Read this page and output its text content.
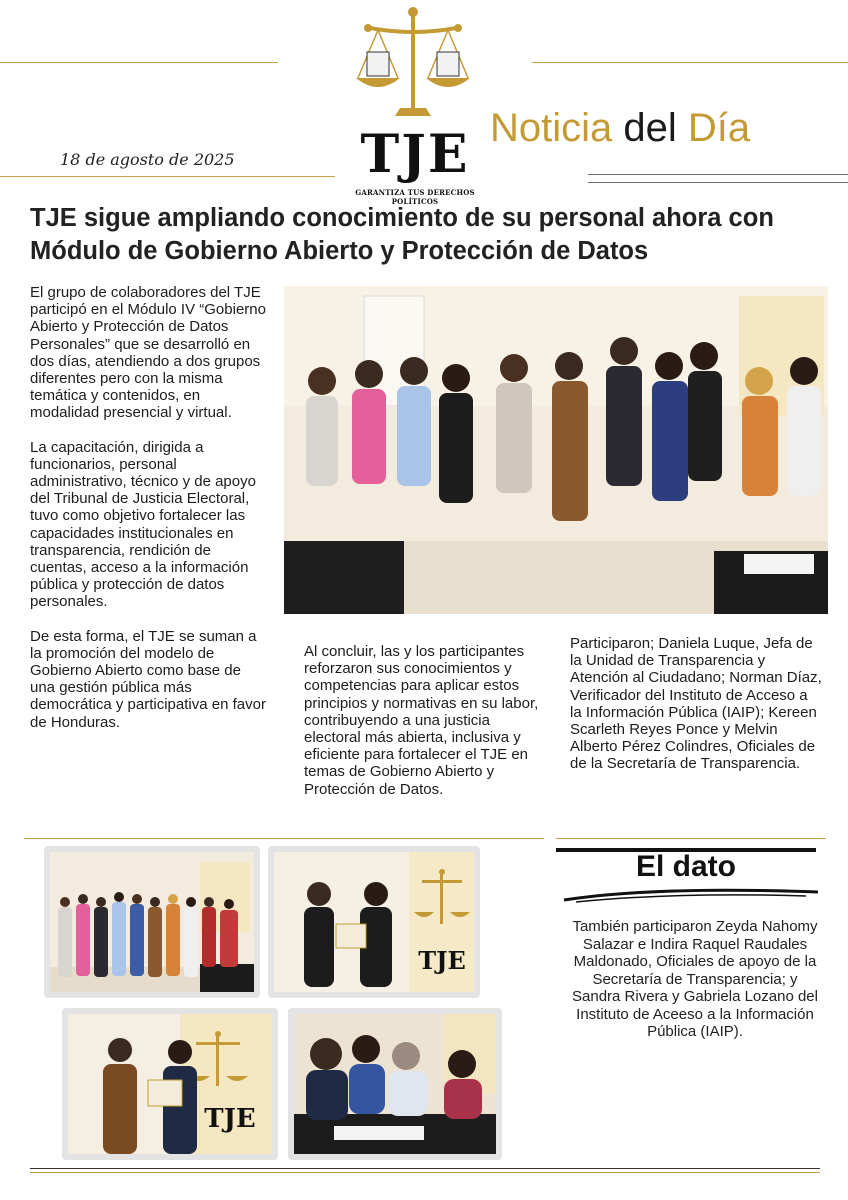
TJE
GARANTIZA TUS DERECHOS POLÍTICOS
Noticia del Día
18 de agosto de 2025
TJE sigue ampliando conocimiento de su personal ahora con Módulo de Gobierno Abierto y Protección de Datos

El grupo de colaboradores del TJE participó en el Módulo IV “Gobierno Abierto y Protección de Datos Personales” que se desarrolló en dos días, atendiendo a dos grupos diferentes pero con la misma temática y contenidos, en modalidad presencial y virtual.

La capacitación, dirigida a funcionarios, personal administrativo, técnico y de apoyo del Tribunal de Justicia Electoral, tuvo como objetivo fortalecer las capacidades institucionales en transparencia, rendición de cuentas, acceso a la información pública y protección de datos personales.

De esta forma, el TJE se suman a la promoción del modelo de Gobierno Abierto como base de una gestión pública más democrática y participativa en favor de Honduras.

Al concluir, las y los participantes reforzaron sus conocimientos y competencias para aplicar estos principios y normativas en su labor, contribuyendo a una justicia electoral más abierta, inclusiva y eficiente para fortalecer el TJE en temas de Gobierno Abierto y Protección de Datos.
Participaron; Daniela Luque, Jefa de la Unidad de Transparencia y Atención al Ciudadano; Norman Díaz, Verificador del Instituto de Acceso a la Información Pública (IAIP); Kereen Scarleth Reyes Ponce y Melvin Alberto Pérez Colindres, Oficiales de de la Secretaría de Transparencia.
TJE
TJE
El dato
También participaron Zeyda Nahomy Salazar e Indira Raquel Raudales Maldonado, Oficiales de apoyo de la Secretaría de Transparencia; y Sandra Rivera y Gabriela Lozano del Instituto de Aceeso a la Información Pública (IAIP).
